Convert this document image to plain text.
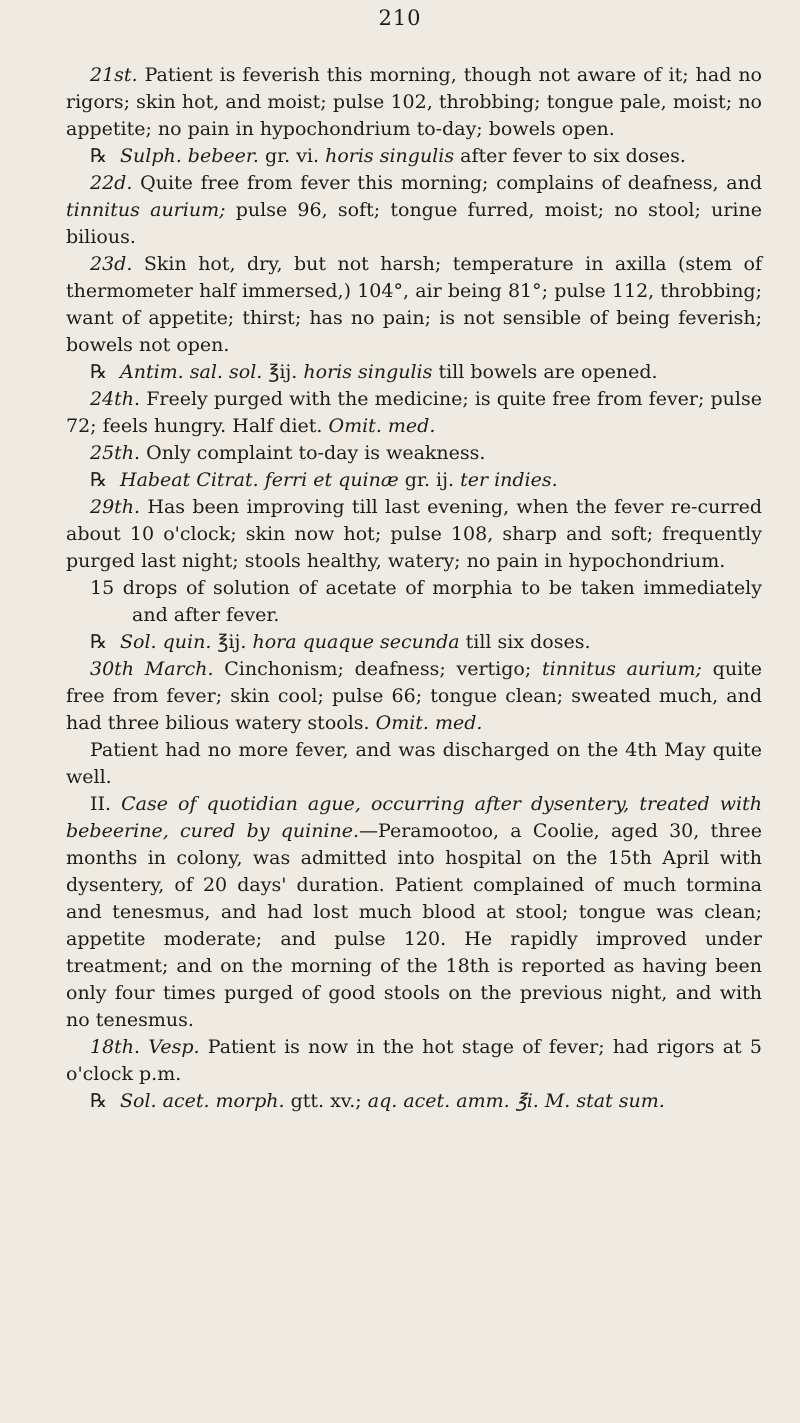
210

21st. Patient is feverish this morning, though not aware of it; had no rigors; skin hot, and moist; pulse 102, throbbing; tongue pale, moist; no appetite; no pain in hypochondrium to-day; bowels open.

℞ Sulph. bebeer. gr. vi. horis singulis after fever to six doses.

22d. Quite free from fever this morning; complains of deafness, and tinnitus aurium; pulse 96, soft; tongue furred, moist; no stool; urine bilious.

23d. Skin hot, dry, but not harsh; temperature in axilla (stem of thermometer half immersed,) 104°, air being 81°; pulse 112, throbbing; want of appetite; thirst; has no pain; is not sensible of being feverish; bowels not open.

℞ Antim. sal. sol. ℥ij. horis singulis till bowels are opened.

24th. Freely purged with the medicine; is quite free from fever; pulse 72; feels hungry. Half diet. Omit. med.

25th. Only complaint to-day is weakness.

℞ Habeat Citrat. ferri et quinæ gr. ij. ter indies.

29th. Has been improving till last evening, when the fever re-curred about 10 o'clock; skin now hot; pulse 108, sharp and soft; frequently purged last night; stools healthy, watery; no pain in hypochondrium.

15 drops of solution of acetate of morphia to be taken immediately and after fever.

℞ Sol. quin. ℥ij. hora quaque secunda till six doses.

30th March. Cinchonism; deafness; vertigo; tinnitus aurium; quite free from fever; skin cool; pulse 66; tongue clean; sweated much, and had three bilious watery stools. Omit. med.

Patient had no more fever, and was discharged on the 4th May quite well.

II. Case of quotidian ague, occurring after dysentery, treated with bebeerine, cured by quinine.—Peramootoo, a Coolie, aged 30, three months in colony, was admitted into hospital on the 15th April with dysentery, of 20 days' duration. Patient complained of much tormina and tenesmus, and had lost much blood at stool; tongue was clean; appetite moderate; and pulse 120. He rapidly improved under treatment; and on the morning of the 18th is reported as having been only four times purged of good stools on the previous night, and with no tenesmus.

18th. Vesp. Patient is now in the hot stage of fever; had rigors at 5 o'clock p.m.

℞ Sol. acet. morph. gtt. xv.; aq. acet. amm. ℥i. M. stat sum.
